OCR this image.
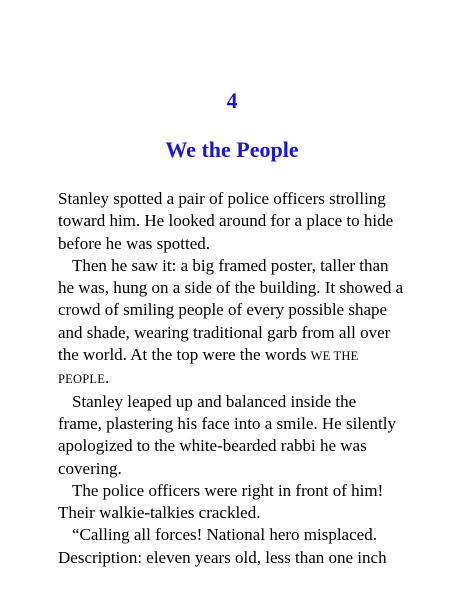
4
We the People
Stanley spotted a pair of police officers strolling
toward him. He looked around for a place to hide
before he was spotted.
Then he saw it: a big framed poster, taller than
he was, hung on a side of the building. It showed a
crowd of smiling people of every possible shape
and shade, wearing traditional garb from all over
the world. At the top were the words WE THE
PEOPLE.
Stanley leaped up and balanced inside the
frame, plastering his face into a smile. He silently
apologized to the white-bearded rabbi he was
covering.
The police officers were right in front of him!
Their walkie-talkies crackled.
“Calling all forces! National hero misplaced.
Description: eleven years old, less than one inch
